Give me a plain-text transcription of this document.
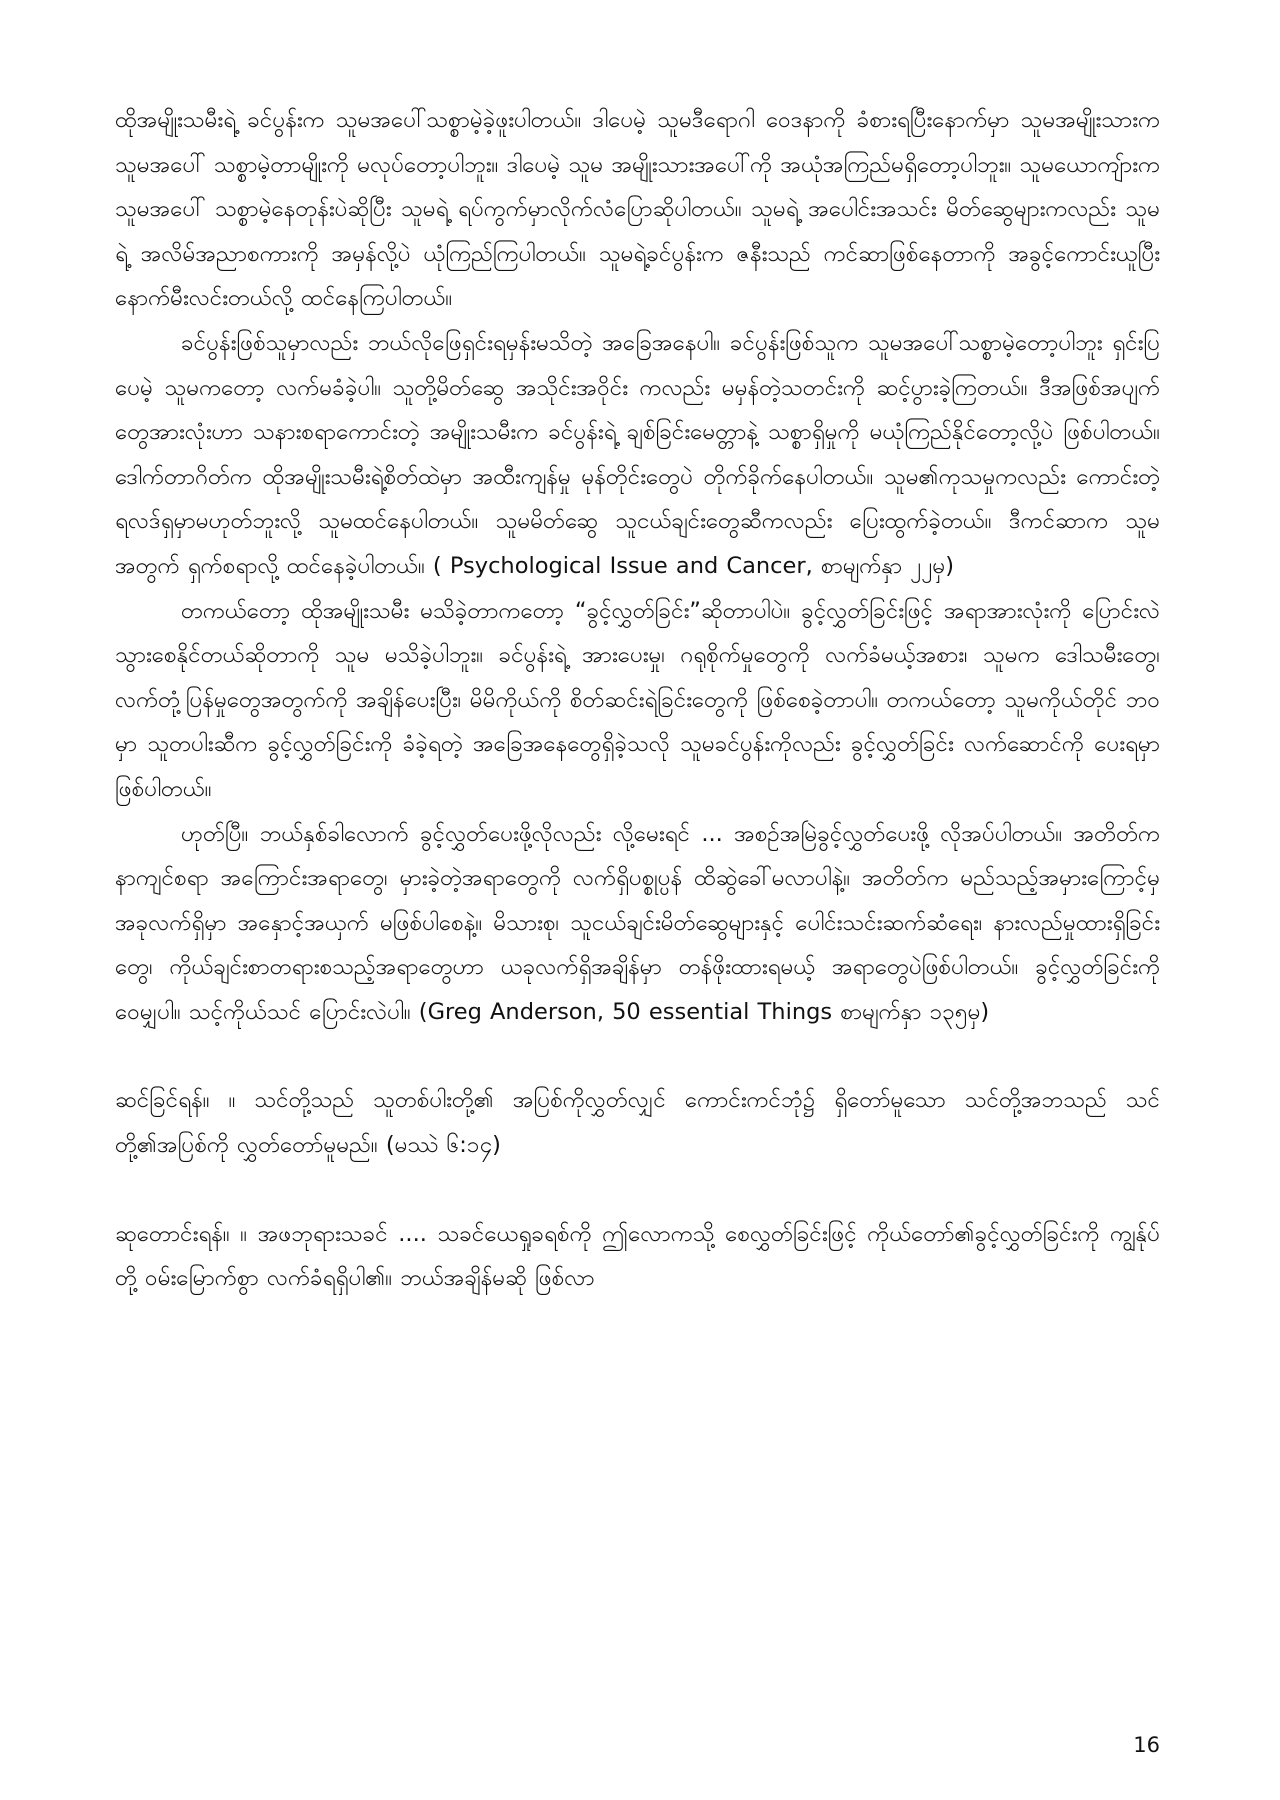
ထိုအမျိုးသမီးရဲ့ ခင်ပွန်းက သူမအပေါ်သစ္စာမဲ့ခဲ့ဖူးပါတယ်။ ဒါပေမဲ့ သူမဒီရောဂါ ဝေဒနာကို ခံစားရပြီးနောက်မှာ သူမအမျိုးသားက သူမအပေါ် သစ္စာမဲ့တာမျိုးကို မလုပ်တော့ပါဘူး။ ဒါပေမဲ့ သူမ အမျိုးသားအပေါ်ကို အယုံအကြည်မရှိတော့ပါဘူး။ သူမယောကျ်ားက သူမအပေါ် သစ္စာမဲ့နေတုန်းပဲဆိုပြီး သူမရဲ့ ရပ်ကွက်မှာလိုက်လံပြောဆိုပါတယ်။ သူမရဲ့ အပေါင်းအသင်း မိတ်ဆွေများကလည်း သူမရဲ့ အလိမ်အညာစကားကို အမှန်လို့ပဲ ယုံကြည်ကြပါတယ်။ သူမရဲ့ခင်ပွန်းက ဇနီးသည် ကင်ဆာဖြစ်နေတာကို အခွင့်ကောင်းယူပြီး နောက်မီးလင်းတယ်လို့ ထင်နေကြပါတယ်။

ခင်ပွန်းဖြစ်သူမှာလည်း ဘယ်လိုဖြေရှင်းရမှန်းမသိတဲ့ အခြေအနေပါ။ ခင်ပွန်းဖြစ်သူက သူမအပေါ်သစ္စာမဲ့တော့ပါဘူး ရှင်းပြပေမဲ့ သူမကတော့ လက်မခံခဲ့ပါ။ သူတို့မိတ်ဆွေ အသိုင်းအဝိုင်း ကလည်း မမှန်တဲ့သတင်းကို ဆင့်ပွားခဲ့ကြတယ်။ ဒီအဖြစ်အပျက်တွေအားလုံးဟာ သနားစရာကောင်းတဲ့ အမျိုးသမီးက ခင်ပွန်းရဲ့ ချစ်ခြင်းမေတ္တာနဲ့ သစ္စာရှိမှုကို မယုံကြည်နိုင်တော့လို့ပဲ ဖြစ်ပါတယ်။ ဒေါက်တာဂိတ်က ထိုအမျိုးသမီးရဲ့စိတ်ထဲမှာ အထီးကျန်မှု မုန်တိုင်းတွေပဲ တိုက်ခိုက်နေပါတယ်။ သူမ၏ကုသမှုကလည်း ကောင်းတဲ့ရလဒ်ရှမှာမဟုတ်ဘူးလို့ သူမထင်နေပါတယ်။ သူမမိတ်ဆွေ သူငယ်ချင်းတွေဆီကလည်း ပြေးထွက်ခဲ့တယ်။ ဒီကင်ဆာက သူမအတွက် ရှက်စရာလို့ ထင်နေခဲ့ပါတယ်။ ( Psychological Issue and Cancer, စာမျက်နှာ ၂၂မှ)

တကယ်တော့ ထိုအမျိုးသမီး မသိခဲ့တာကတော့ “ခွင့်လွှတ်ခြင်း”ဆိုတာပါပဲ။ ခွင့်လွှတ်ခြင်းဖြင့် အရာအားလုံးကို ပြောင်းလဲသွားစေနိုင်တယ်ဆိုတာကို သူမ မသိခဲ့ပါဘူး။ ခင်ပွန်းရဲ့ အားပေးမှု၊ ဂရုစိုက်မှုတွေကို လက်ခံမယ့်အစား၊ သူမက ဒေါသမီးတွေ၊ လက်တုံ့ပြန်မှုတွေအတွက်ကို အချိန်ပေးပြီး၊ မိမိကိုယ်ကို စိတ်ဆင်းရဲခြင်းတွေကို ဖြစ်စေခဲ့တာပါ။ တကယ်တော့ သူမကိုယ်တိုင် ဘဝမှာ သူတပါးဆီက ခွင့်လွှတ်ခြင်းကို ခံခဲ့ရတဲ့ အခြေအနေတွေရှိခဲ့သလို သူမခင်ပွန်းကိုလည်း ခွင့်လွှတ်ခြင်း လက်ဆောင်ကို ပေးရမှာဖြစ်ပါတယ်။

ဟုတ်ပြီ။ ဘယ်နှစ်ခါလောက် ခွင့်လွှတ်ပေးဖို့လိုလည်း လို့မေးရင် ... အစဉ်အမြဲခွင့်လွှတ်ပေးဖို့ လိုအပ်ပါတယ်။ အတိတ်က နာကျင်စရာ အကြောင်းအရာတွေ၊ မှားခဲ့တဲ့အရာတွေကို လက်ရှိပစ္စုပ္ပန် ထိဆွဲခေါ်မလာပါနဲ့။ အတိတ်က မည်သည့်အမှားကြောင့်မှ အခုလက်ရှိမှာ အနှောင့်အယှက် မဖြစ်ပါစေနဲ့။ မိသားစု၊ သူငယ်ချင်းမိတ်ဆွေများနှင့် ပေါင်းသင်းဆက်ဆံရေး၊ နားလည်မှုထားရှိခြင်းတွေ၊ ကိုယ်ချင်းစာတရားစသည့်အရာတွေဟာ ယခုလက်ရှိအချိန်မှာ တန်ဖိုးထားရမယ့် အရာတွေပဲဖြစ်ပါတယ်။ ခွင့်လွှတ်ခြင်းကို ဝေမျှပါ။ သင့်ကိုယ်သင် ပြောင်းလဲပါ။ (Greg Anderson, 50 essential Things စာမျက်နှာ ၁၃၅မှ)

ဆင်ခြင်ရန်။ ။ သင်တို့သည် သူတစ်ပါးတို့၏ အပြစ်ကိုလွှတ်လျှင် ကောင်းကင်ဘုံ၌ ရှိတော်မူသော သင်တို့အဘသည် သင်တို့၏အပြစ်ကို လွှတ်တော်မူမည်။ (မဿဲ ၆:၁၄)

ဆုတောင်းရန်။ ။ အဖဘုရားသခင် .... သခင်ယေရှုခရစ်ကို ဤလောကသို့ စေလွှတ်ခြင်းဖြင့် ကိုယ်တော်၏ခွင့်လွှတ်ခြင်းကို ကျွန်ုပ်တို့ ဝမ်းမြောက်စွာ လက်ခံရရှိပါ၏။ ဘယ်အချိန်မဆို ဖြစ်လာ

16
